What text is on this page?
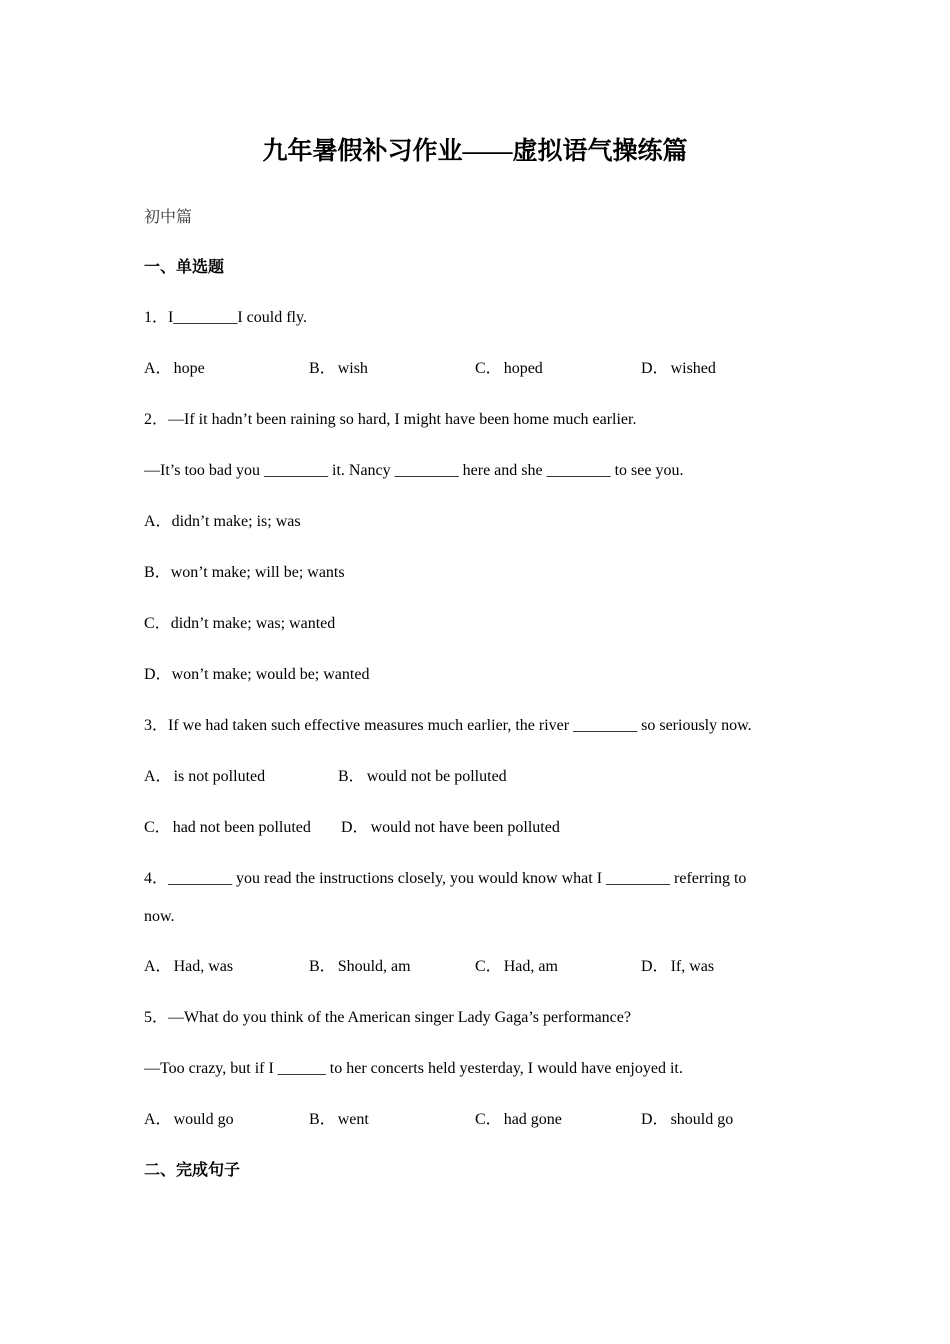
九年暑假补习作业——虚拟语气操练篇
初中篇
一、单选题
1．I________I could fly.
A． hope	B． wish	C． hoped	D． wished
2．—If it hadn’t been raining so hard, I might have been home much earlier.
—It’s too bad you ________ it. Nancy ________ here and she ________ to see you.
A．didn’t make; is; was
B．won’t make; will be; wants
C．didn’t make; was; wanted
D．won’t make; would be; wanted
3．If we had taken such effective measures much earlier, the river ________ so seriously now.
A． is not polluted	B． would not be polluted
C． had not been polluted D． would not have been polluted
4．________ you read the instructions closely, you would know what I ________ referring to
now.
A． Had, was	B． Should, am	C． Had, am	D． If, was
5．—What do you think of the American singer Lady Gaga’s performance?
—Too crazy, but if I ______ to her concerts held yesterday, I would have enjoyed it.
A． would go	B． went	C． had gone	D． should go
二、完成句子
